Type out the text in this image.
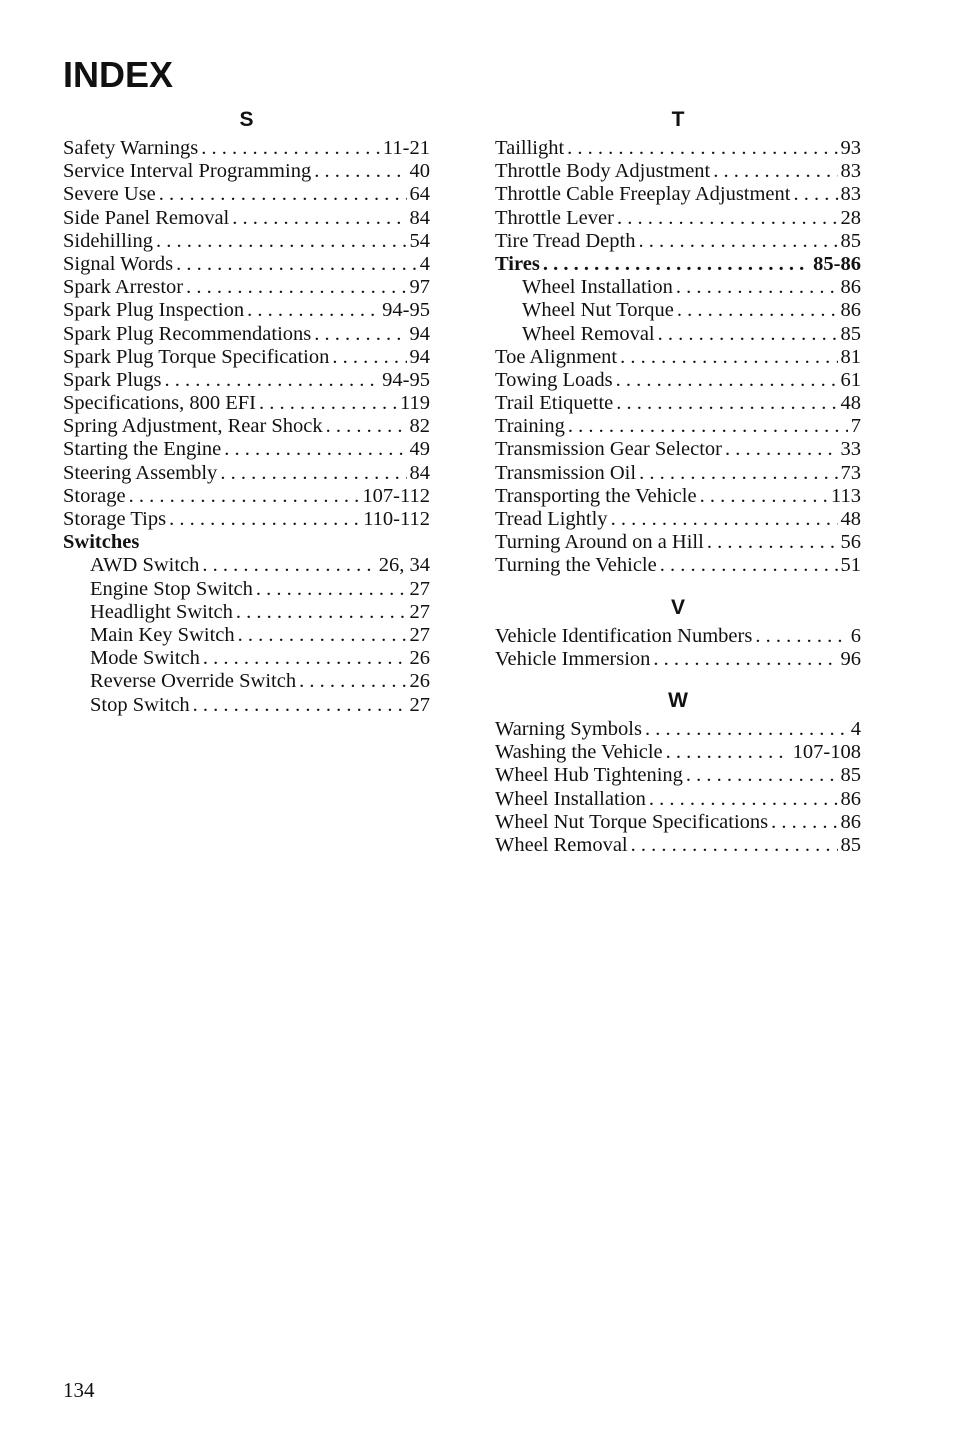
INDEX
S
Safety Warnings . . .	11-21
Service Interval Programming . . .	40
Severe Use . . .	64
Side Panel Removal . . .	84
Sidehilling . . .	54
Signal Words . . .	4
Spark Arrestor . . .	97
Spark Plug Inspection . . .	94-95
Spark Plug Recommendations . . .	94
Spark Plug Torque Specification . . .	94
Spark Plugs . . .	94-95
Specifications, 800 EFI . . .	119
Spring Adjustment, Rear Shock . . .	82
Starting the Engine . . .	49
Steering Assembly . . .	84
Storage . . .	107-112
Storage Tips . . .	110-112
Switches
AWD Switch . . .	26, 34
Engine Stop Switch . . .	27
Headlight Switch . . .	27
Main Key Switch . . .	27
Mode Switch . . .	26
Reverse Override Switch . . .	26
Stop Switch . . .	27
T
Taillight . . .	93
Throttle Body Adjustment . . .	83
Throttle Cable Freeplay Adjustment . . . 83
Throttle Lever . . .	28
Tire Tread Depth . . .	85
Tires . . .	85-86
Wheel Installation . . .	86
Wheel Nut Torque . . .	86
Wheel Removal . . .	85
Toe Alignment . . .	81
Towing Loads . . .	61
Trail Etiquette . . .	48
Training . . .	7
Transmission Gear Selector . . .	33
Transmission Oil . . .	73
Transporting the Vehicle . . .	113
Tread Lightly . . .	48
Turning Around on a Hill . . .	56
Turning the Vehicle . . .	51
V
Vehicle Identification Numbers . . .	6
Vehicle Immersion . . .	96
W
Warning Symbols . . .	4
Washing the Vehicle . . .	107-108
Wheel Hub Tightening . . .	85
Wheel Installation . . .	86
Wheel Nut Torque Specifications . . .	86
Wheel Removal . . .	85
134
